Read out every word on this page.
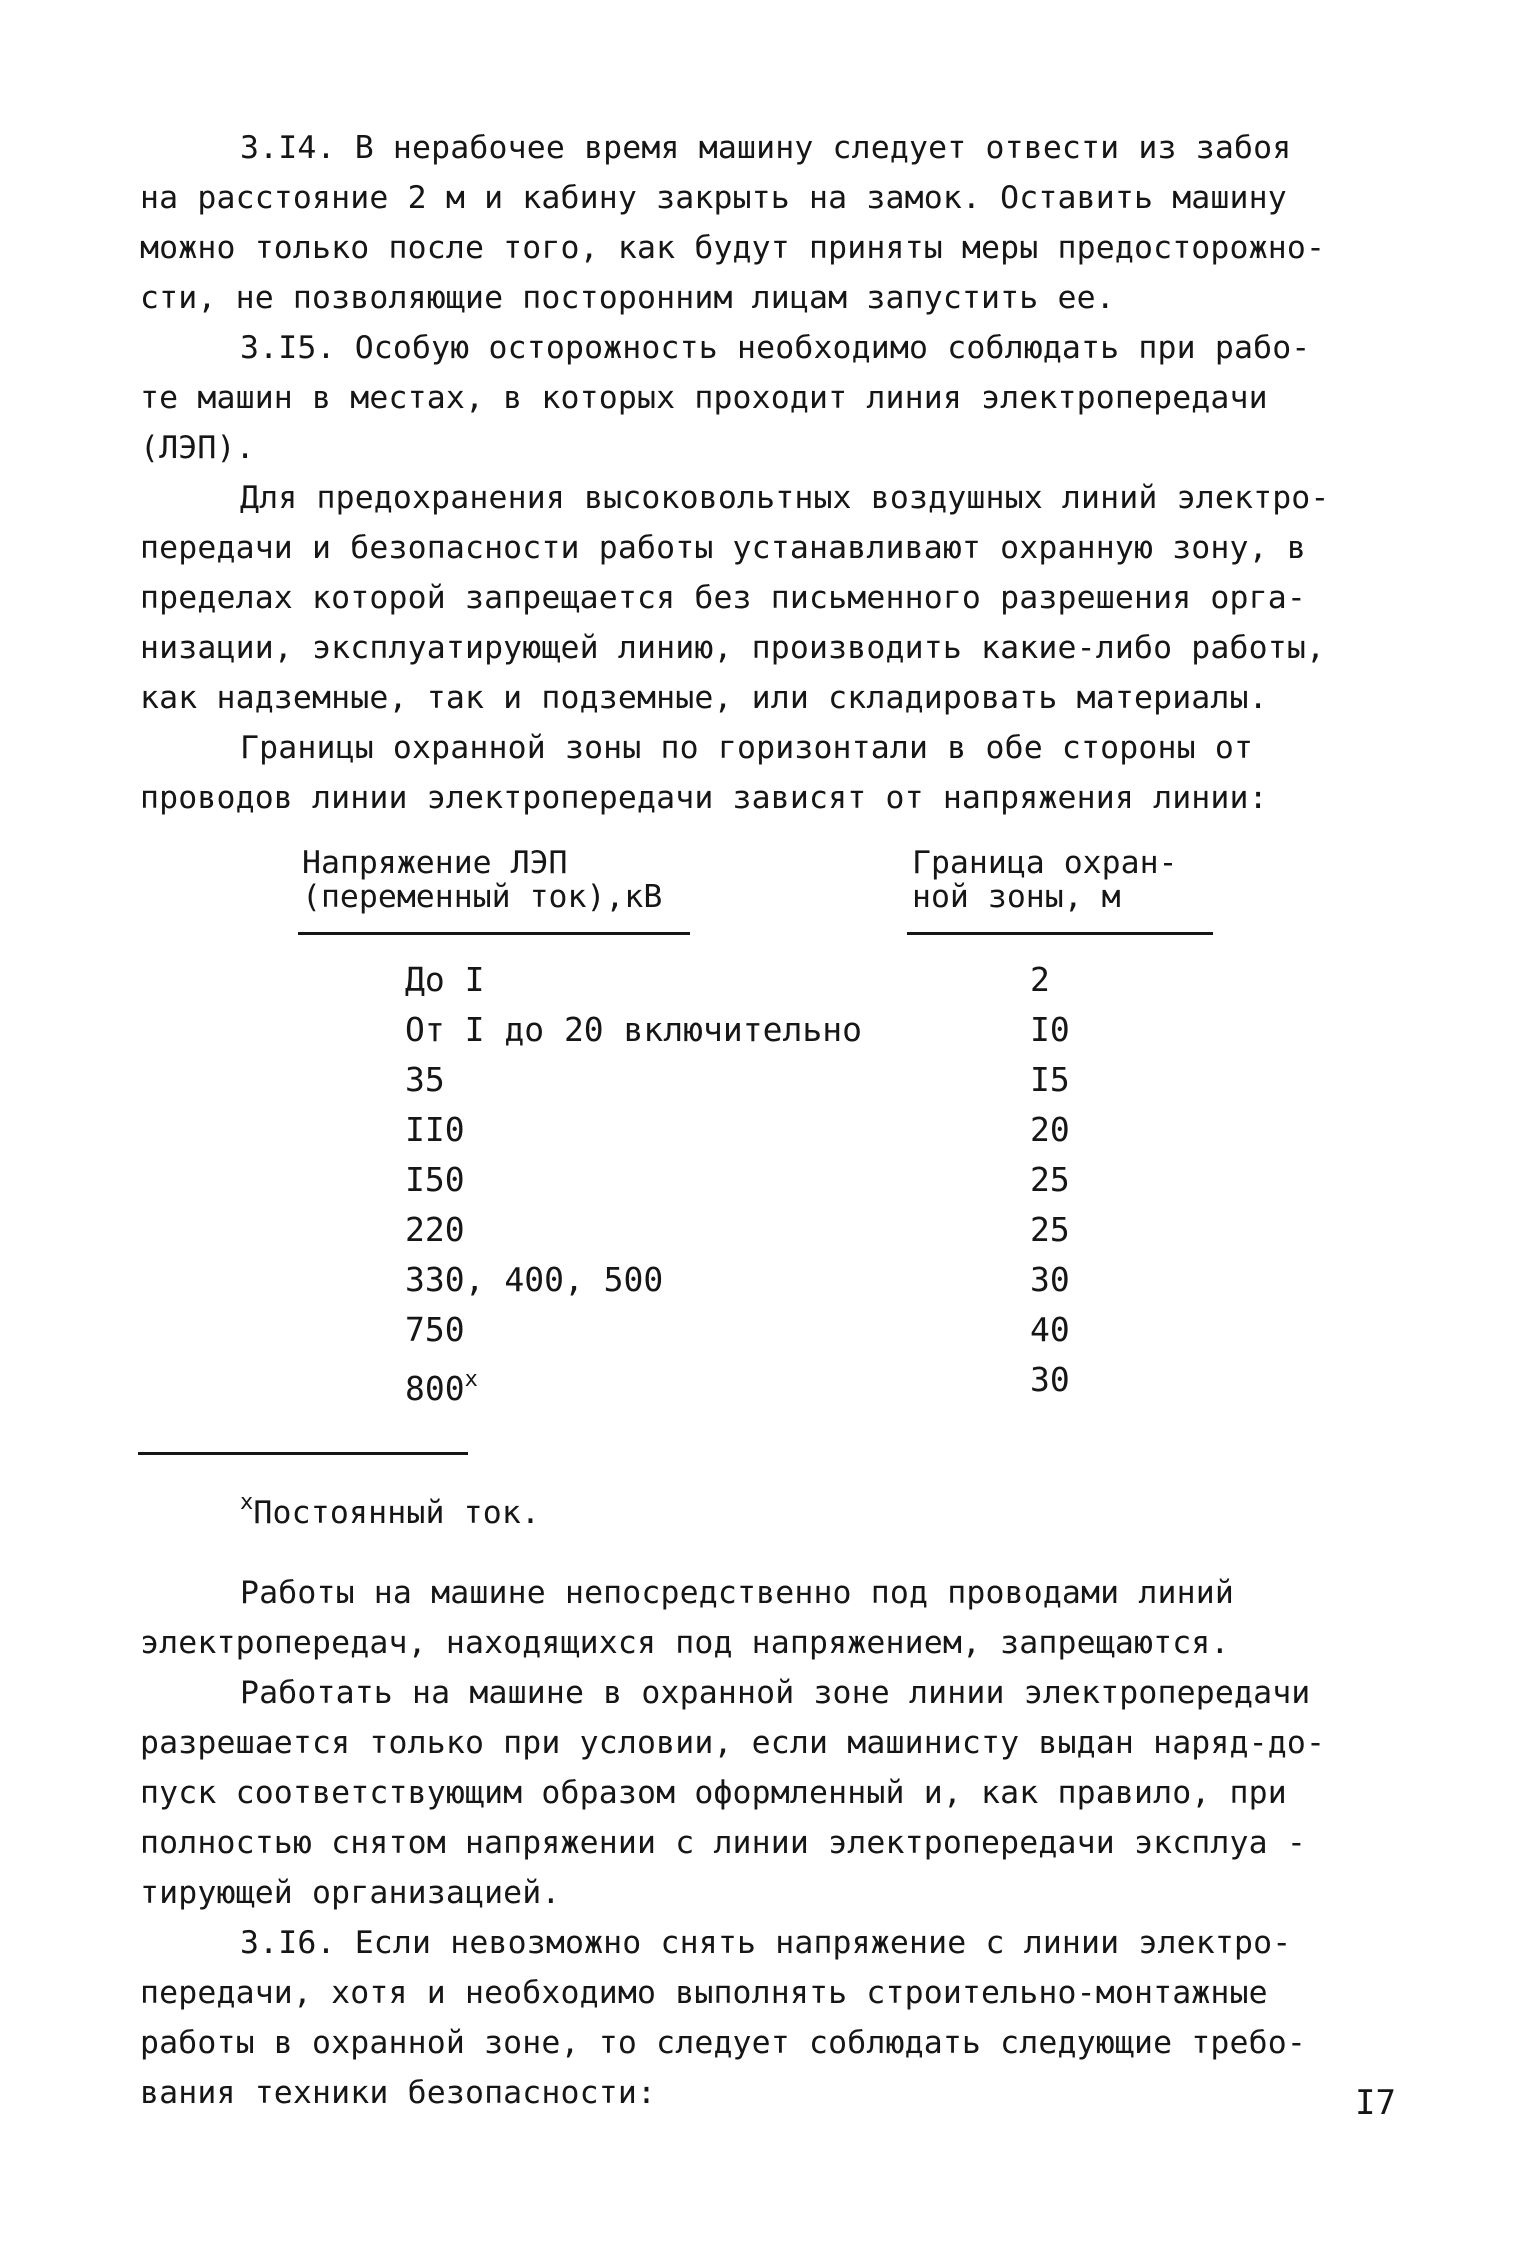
3.I4. В нерабочее время машину следует отвести из забоя
на расстояние 2 м и кабину закрыть на замок. Оставить машину
можно только после того, как будут приняты меры предосторожно-
сти, не позволяющие посторонним лицам запустить ее.
3.I5. Особую осторожность необходимо соблюдать при рабо-
те машин в местах, в которых проходит линия электропередачи
(ЛЭП).
Для предохранения высоковольтных воздушных линий электро-
передачи и безопасности работы устанавливают охранную зону, в
пределах которой запрещается без письменного разрешения орга-
низации, эксплуатирующей линию, производить какие-либо работы,
как надземные, так и подземные, или складировать материалы.
Границы охранной зоны по горизонтали в обе стороны от
проводов линии электропередачи зависят от напряжения линии:
Напряжение ЛЭП
(переменный ток),кВ
Граница охран-
ной зоны, м
До I	2
От I до 20 включительно	I0
35	I5
II0	20
I50	25
220	25
330, 400, 500	30
750	40
800$^x$	30
$^x$Постоянный ток.
Работы на машине непосредственно под проводами линий
электропередач, находящихся под напряжением, запрещаются.
Работать на машине в охранной зоне линии электропередачи
разрешается только при условии, если машинисту выдан наряд-до-
пуск соответствующим образом оформленный и, как правило, при
полностью снятом напряжении с линии электропередачи эксплуа -
тирующей организацией.
3.I6. Если невозможно снять напряжение с линии электро-
передачи, хотя и необходимо выполнять строительно-монтажные
работы в охранной зоне, то следует соблюдать следующие требо-
вания техники безопасности:	I7
